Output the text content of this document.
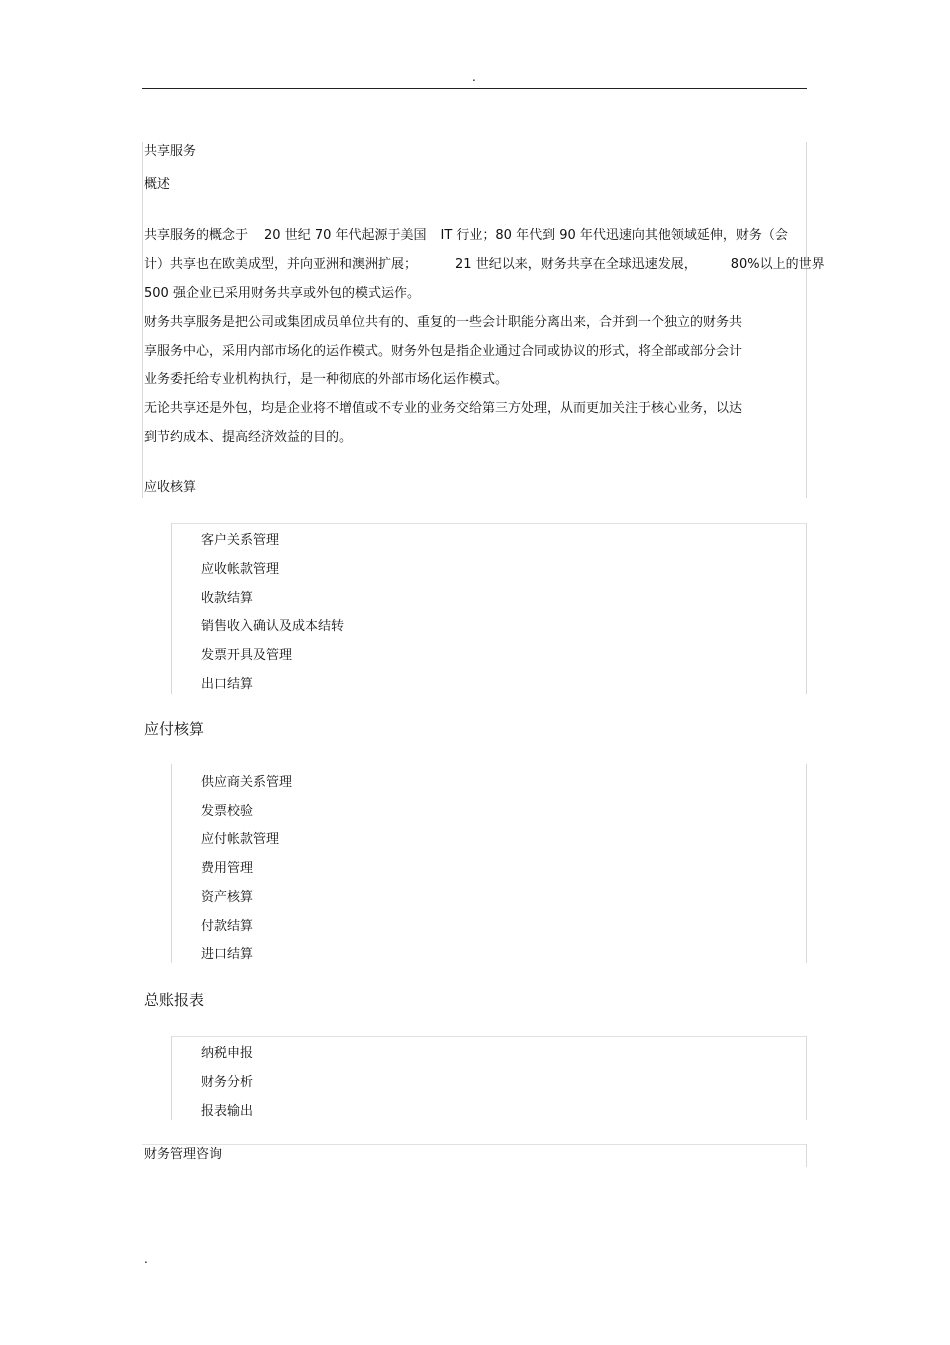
.
共享服务
概述
共享服务的概念于 20 世纪 70 年代起源于美国 IT 行业；80 年代到 90 年代迅速向其他领域延伸，财务（会
计）共享也在欧美成型，并向亚洲和澳洲扩展；	21 世纪以来，财务共享在全球迅速发展，	80%以上的世界
500 强企业已采用财务共享或外包的模式运作。
财务共享服务是把公司或集团成员单位共有的、重复的一些会计职能分离出来，合并到一个独立的财务共
享服务中心，采用内部市场化的运作模式。财务外包是指企业通过合同或协议的形式，将全部或部分会计
业务委托给专业机构执行，是一种彻底的外部市场化运作模式。
无论共享还是外包，均是企业将不增值或不专业的业务交给第三方处理，从而更加关注于核心业务，以达
到节约成本、提高经济效益的目的。
应收核算
客户关系管理
应收帐款管理
收款结算
销售收入确认及成本结转
发票开具及管理
出口结算
应付核算
供应商关系管理
发票校验
应付帐款管理
费用管理
资产核算
付款结算
进口结算
总账报表
纳税申报
财务分析
报表输出
财务管理咨询
.
